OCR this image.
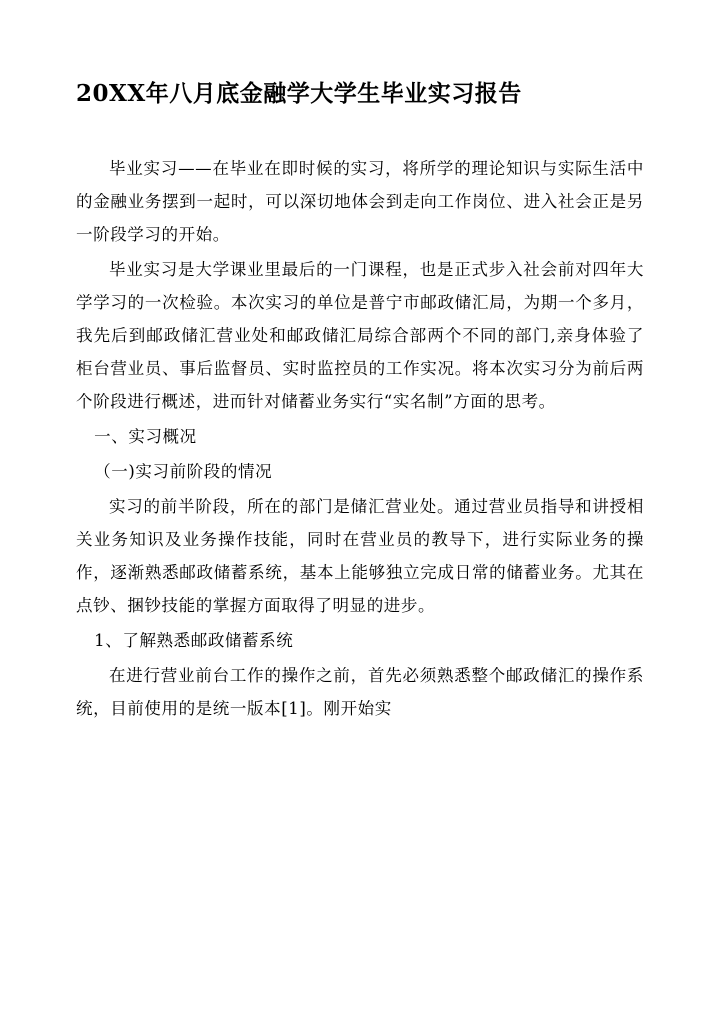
20XX年八月底金融学大学生毕业实习报告

毕业实习——在毕业在即时候的实习，将所学的理论知识与实际生活中的金融业务摆到一起时，可以深切地体会到走向工作岗位、进入社会正是另一阶段学习的开始。

毕业实习是大学课业里最后的一门课程，也是正式步入社会前对四年大学学习的一次检验。本次实习的单位是普宁市邮政储汇局，为期一个多月，我先后到邮政储汇营业处和邮政储汇局综合部两个不同的部门,亲身体验了柜台营业员、事后监督员、实时监控员的工作实况。将本次实习分为前后两个阶段进行概述，进而针对储蓄业务实行“实名制”方面的思考。

一、实习概况

（一)实习前阶段的情况

实习的前半阶段，所在的部门是储汇营业处。通过营业员指导和讲授相关业务知识及业务操作技能，同时在营业员的教导下，进行实际业务的操作，逐渐熟悉邮政储蓄系统，基本上能够独立完成日常的储蓄业务。尤其在点钞、捆钞技能的掌握方面取得了明显的进步。

1、了解熟悉邮政储蓄系统

在进行营业前台工作的操作之前，首先必须熟悉整个邮政储汇的操作系统，目前使用的是统一版本[1]。刚开始实
